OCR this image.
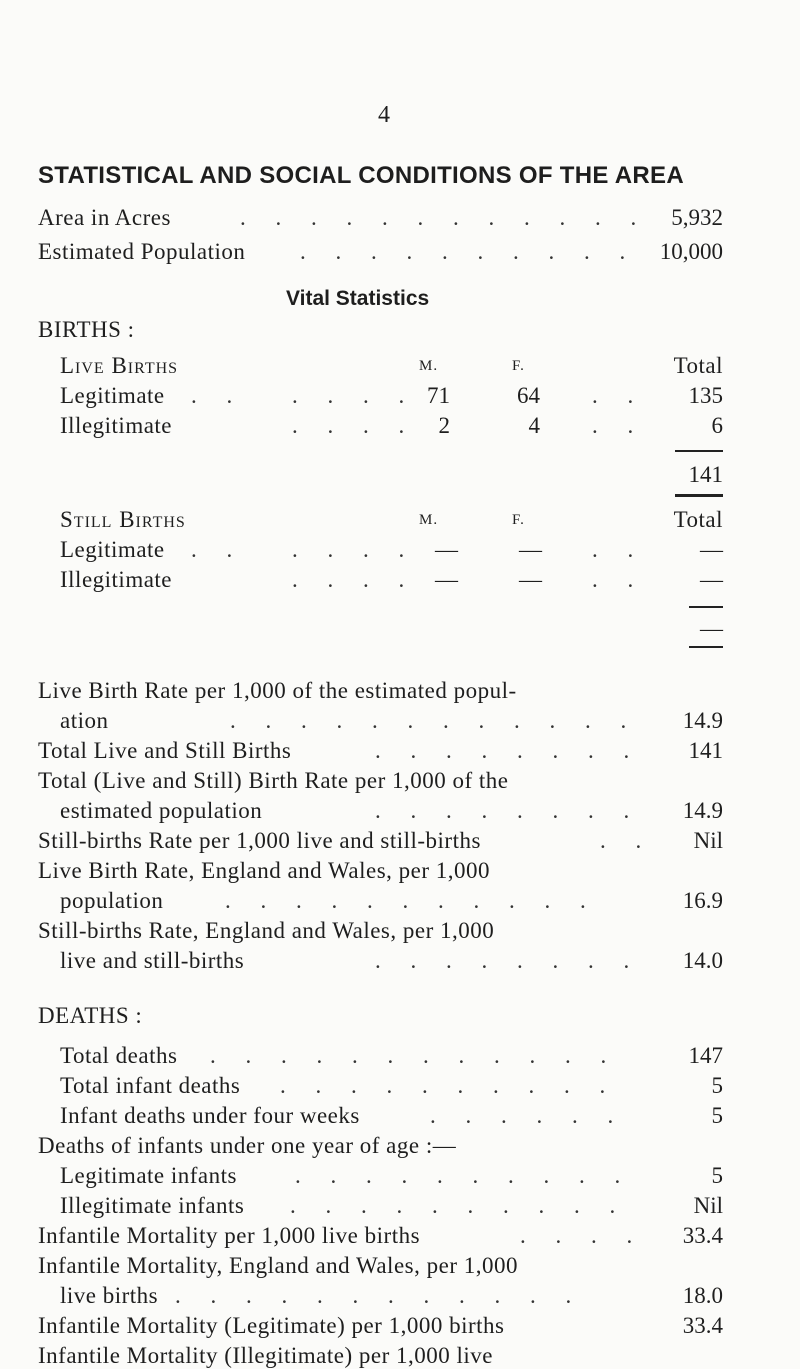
4
STATISTICAL AND SOCIAL CONDITIONS OF THE AREA
Area in Acres	. . . . . . . . . . . . 5,932
Estimated Population . . . . . . . . . . 10,000
Vital Statistics
BIRTHS :
Live Births	M.	F.	Total
Legitimate . . . . . . 71	64 . . 135
Illegitimate	. . . . 2	4 . .	6
141
Still Births	M.	F.	Total
Legitimate . . . . . . —	— . . —
Illegitimate	. . . . —	— . . —
—
Live Birth Rate per 1,000 of the estimated popul-
ation	. . . . . . . . . . . . 14.9
Total Live and Still Births	. . . . . . . . 141
Total (Live and Still) Birth Rate per 1,000 of the
estimated population	. . . . . . . . 14.9
Still-births Rate per 1,000 live and still-births	. . Nil
Live Birth Rate, England and Wales, per 1,000
population	. . . . . . . . . . .	16.9
Still-births Rate, England and Wales, per 1,000
live and still-births	. . . . . . . . 14.0
DEATHS :
Total deaths . . . . . . . . . . . .	147
Total infant deaths . . . . . . . . . .	5
Infant deaths under four weeks	. . . . . .	5
Deaths of infants under one year of age :—
Legitimate infants	. . . . . . . . . .	5
Illegitimate infants . . . . . . . . . .	Nil
Infantile Mortality per 1,000 live births	. . . . 33.4
Infantile Mortality, England and Wales, per 1,000
live births . . . . . . . . . . . .	18.0
Infantile Mortality (Legitimate) per 1,000 births	33.4
Infantile Mortality (Illegitimate) per 1,000 live
